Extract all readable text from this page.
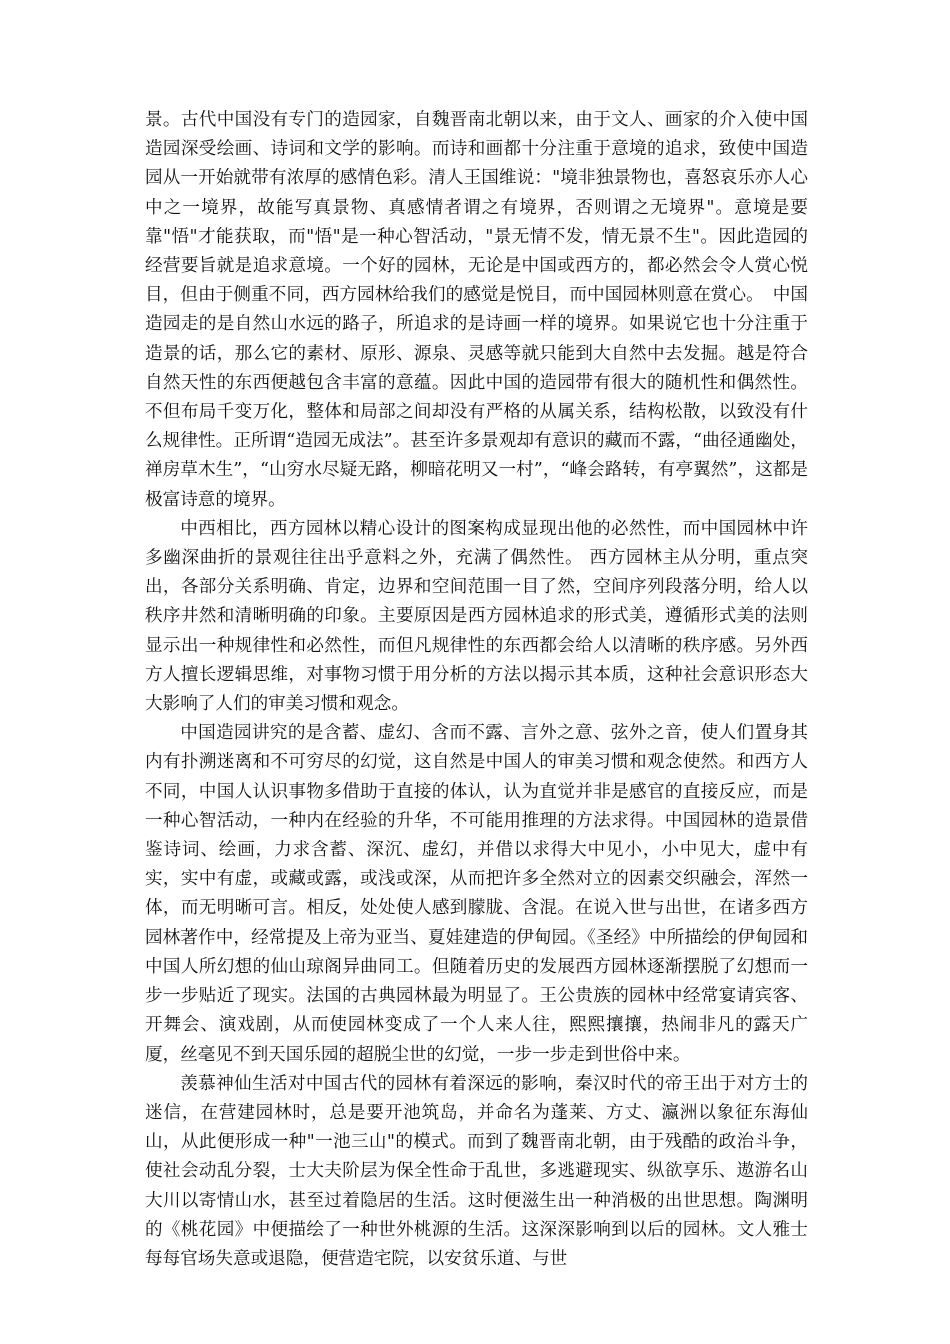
景。古代中国没有专门的造园家，自魏晋南北朝以来，由于文人、画家的介入使中国造园深受绘画、诗词和文学的影响。而诗和画都十分注重于意境的追求，致使中国造园从一开始就带有浓厚的感情色彩。清人王国维说："境非独景物也，喜怒哀乐亦人心中之一境界，故能写真景物、真感情者谓之有境界，否则谓之无境界"。意境是要靠"悟"才能获取，而"悟"是一种心智活动，"景无情不发，情无景不生"。因此造园的经营要旨就是追求意境。一个好的园林，无论是中国或西方的，都必然会令人赏心悦目，但由于侧重不同，西方园林给我们的感觉是悦目，而中国园林则意在赏心。　中国造园走的是自然山水远的路子，所追求的是诗画一样的境界。如果说它也十分注重于造景的话，那么它的素材、原形、源泉、灵感等就只能到大自然中去发掘。越是符合自然天性的东西便越包含丰富的意蕴。因此中国的造园带有很大的随机性和偶然性。不但布局千变万化，整体和局部之间却没有严格的从属关系，结构松散，以致没有什么规律性。正所谓“造园无成法”。甚至许多景观却有意识的藏而不露，“曲径通幽处，禅房草木生”，“山穷水尽疑无路，柳暗花明又一村”，“峰会路转，有亭翼然”，这都是极富诗意的境界。

中西相比，西方园林以精心设计的图案构成显现出他的必然性，而中国园林中许多幽深曲折的景观往往出乎意料之外，充满了偶然性。 西方园林主从分明，重点突出，各部分关系明确、肯定，边界和空间范围一目了然，空间序列段落分明，给人以秩序井然和清晰明确的印象。主要原因是西方园林追求的形式美，遵循形式美的法则显示出一种规律性和必然性，而但凡规律性的东西都会给人以清晰的秩序感。另外西方人擅长逻辑思维，对事物习惯于用分析的方法以揭示其本质，这种社会意识形态大大影响了人们的审美习惯和观念。

中国造园讲究的是含蓄、虚幻、含而不露、言外之意、弦外之音，使人们置身其内有扑溯迷离和不可穷尽的幻觉，这自然是中国人的审美习惯和观念使然。和西方人不同，中国人认识事物多借助于直接的体认，认为直觉并非是感官的直接反应，而是一种心智活动，一种内在经验的升华，不可能用推理的方法求得。中国园林的造景借鉴诗词、绘画，力求含蓄、深沉、虚幻，并借以求得大中见小，小中见大，虚中有实，实中有虚，或藏或露，或浅或深，从而把许多全然对立的因素交织融会，浑然一体，而无明晰可言。相反，处处使人感到朦胧、含混。在说入世与出世，在诸多西方园林著作中，经常提及上帝为亚当、夏娃建造的伊甸园。《圣经》中所描绘的伊甸园和中国人所幻想的仙山琼阁异曲同工。但随着历史的发展西方园林逐渐摆脱了幻想而一步一步贴近了现实。法国的古典园林最为明显了。王公贵族的园林中经常宴请宾客、开舞会、演戏剧，从而使园林变成了一个人来人往，熙熙攘攘，热闹非凡的露天广厦，丝毫见不到天国乐园的超脱尘世的幻觉，一步一步走到世俗中来。

羡慕神仙生活对中国古代的园林有着深远的影响，秦汉时代的帝王出于对方士的迷信，在营建园林时，总是要开池筑岛，并命名为蓬莱、方丈、瀛洲以象征东海仙山，从此便形成一种"一池三山"的模式。而到了魏晋南北朝，由于残酷的政治斗争，使社会动乱分裂，士大夫阶层为保全性命于乱世，多逃避现实、纵欲享乐、遨游名山大川以寄情山水，甚至过着隐居的生活。这时便滋生出一种消极的出世思想。陶渊明的《桃花园》中便描绘了一种世外桃源的生活。这深深影响到以后的园林。文人雅士每每官场失意或退隐，便营造宅院，以安贫乐道、与世
